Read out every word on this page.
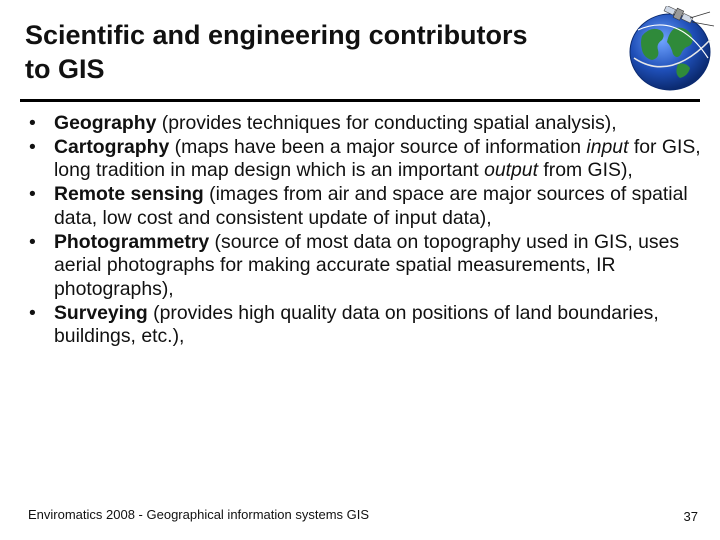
Scientific and engineering contributors
to GIS
• Geography (provides techniques for conducting spatial analysis),
• Cartography (maps have been a major source of information input for GIS, long tradition in map design which is an important output from GIS),
• Remote sensing (images from air and space are major sources of spatial data, low cost and consistent update of input data),
• Photogrammetry (source of most data on topography used in GIS, uses aerial photographs for making accurate spatial measurements, IR photographs),
• Surveying (provides high quality data on positions of land boundaries, buildings, etc.),
Enviromatics 2008 - Geographical information systems GIS	37
